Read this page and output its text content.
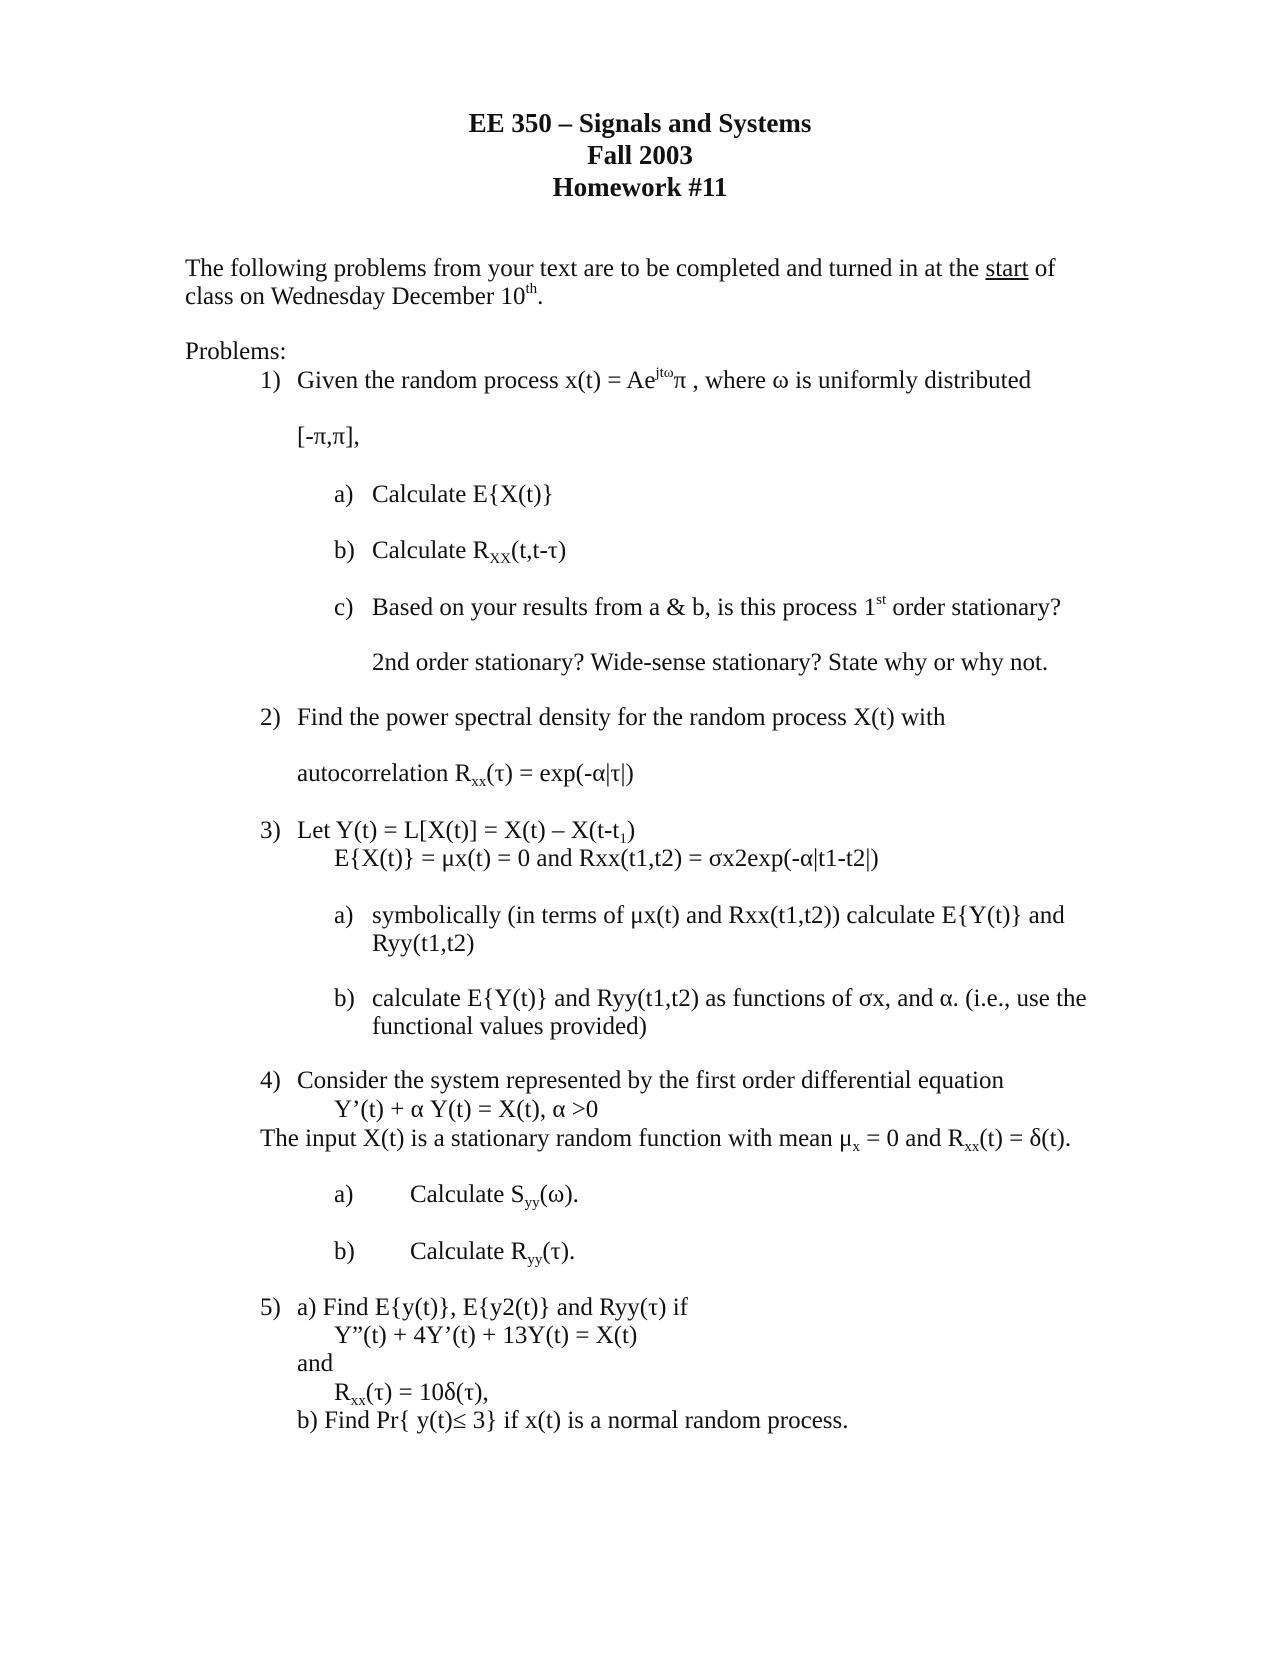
EE 350 – Signals and Systems
Fall 2003
Homework #11
The following problems from your text are to be completed and turned in at the start of
class on Wednesday December 10th.
Problems:
1) Given the random process $x(t) = Ae^{jt\omega}\pi$ , where ω is uniformly distributed
[-π,π],
a) Calculate E{X(t)}
b) Calculate $R_{XX}(t,t-\tau)$
c) Based on your results from a & b, is this process 1st order stationary?
2nd order stationary? Wide-sense stationary? State why or why not.
2) Find the power spectral density for the random process X(t) with
autocorrelation $R_{xx}(\tau) = \exp(-\alpha|\tau|)$
3) Let $Y(t) = L[X(t)] = X(t) - X(t-t_1)$
E{X(t)} = μx(t) = 0 and Rxx(t1,t2) = σx2exp(-α|t1-t2|)
a) symbolically (in terms of μx(t) and Rxx(t1,t2)) calculate E{Y(t)} and
Ryy(t1,t2)
b) calculate E{Y(t)} and Ryy(t1,t2) as functions of σx, and α. (i.e., use the
functional values provided)
4) Consider the system represented by the first order differential equation
Y’(t) + α Y(t) = X(t), α >0
The input X(t) is a stationary random function with mean $\mu_x = 0$ and $R_{xx}(t) = \delta(t)$.
a) Calculate $S_{yy}(\omega)$.
b) Calculate $R_{yy}(\tau)$.
5) a) Find E{y(t)}, E{y2(t)} and Ryy(τ) if
Y”(t) + 4Y’(t) + 13Y(t) = X(t)
and
$R_{xx}(\tau) = 10\delta(\tau)$,
b) Find Pr{ y(t)≤ 3} if x(t) is a normal random process.
